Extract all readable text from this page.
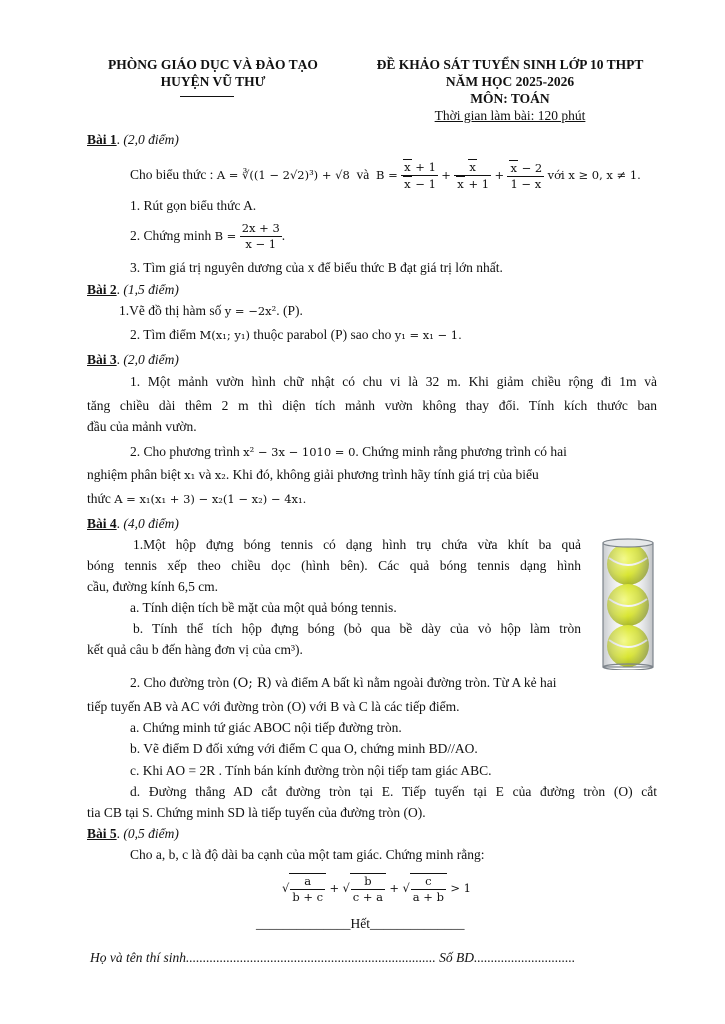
PHÒNG GIÁO DỤC VÀ ĐÀO TẠO
HUYỆN VŨ THƯ
ĐỀ KHẢO SÁT TUYỂN SINH LỚP 10 THPT
NĂM HỌC 2025-2026
MÔN: TOÁN
Thời gian làm bài: 120 phút
Bài 1. (2,0 điểm)
Cho biểu thức : A = ∛((1 − 2√2)³) + √8 và $B = \frac{x + 1}{x - 1} + \frac{x}{x + 1} + \frac{x - 2}{1 - x}$ với x ≥ 0, x ≠ 1.
1. Rút gọn biểu thức A.
2. Chứng minh $B = \frac{2x + 3}{x - 1}$ .
3. Tìm giá trị nguyên dương của x để biểu thức B đạt giá trị lớn nhất.
Bài 2. (1,5 điểm)
1.Vẽ đồ thị hàm số y = −2x². (P).
2. Tìm điểm M(x₁; y₁) thuộc parabol (P) sao cho y₁ = x₁ − 1.
Bài 3. (2,0 điểm)
1. Một mảnh vườn hình chữ nhật có chu vi là 32 m. Khi giảm chiều rộng đi 1m và
tăng chiều dài thêm 2 m thì diện tích mảnh vườn không thay đổi. Tính kích thước ban
đầu của mảnh vườn.
2. Cho phương trình x² − 3x − 1010 = 0. Chứng minh rằng phương trình có hai
nghiệm phân biệt x₁ và x₂. Khi đó, không giải phương trình hãy tính giá trị của biểu
thức A = x₁(x₁ + 3) − x₂(1 − x₂) − 4x₁.
Bài 4. (4,0 điểm)
1.Một hộp đựng bóng tennis có dạng hình trụ chứa vừa khít ba quả
bóng tennis xếp theo chiều dọc (hình bên). Các quả bóng tennis dạng hình
cầu, đường kính 6,5 cm.
a. Tính diện tích bề mặt của một quả bóng tennis.
b. Tính thể tích hộp đựng bóng (bỏ qua bề dày của vỏ hộp làm tròn
kết quả câu b đến hàng đơn vị của cm³).
2. Cho đường tròn (O; R) và điểm A bất kì nằm ngoài đường tròn. Từ A kẻ hai
tiếp tuyến AB và AC với đường tròn (O) với B và C là các tiếp điểm.
a. Chứng minh tứ giác ABOC nội tiếp đường tròn.
b. Vẽ điểm D đối xứng với điểm C qua O, chứng minh BD//AO.
c. Khi AO = 2R . Tính bán kính đường tròn nội tiếp tam giác ABC.
d. Đường thẳng AD cắt đường tròn tại E. Tiếp tuyến tại E của đường tròn (O) cắt
tia CB tại S. Chứng minh SD là tiếp tuyến của đường tròn (O).
Bài 5. (0,5 điểm)
Cho a, b, c là độ dài ba cạnh của một tam giác. Chứng minh rằng:
√ $\frac{a}{b + c}$ + √ $\frac{b}{c + a}$ + √ $\frac{c}{a + b} > 1$
______________Hết______________
Họ và tên thí sinh.......................................................................... Số BD..............................
